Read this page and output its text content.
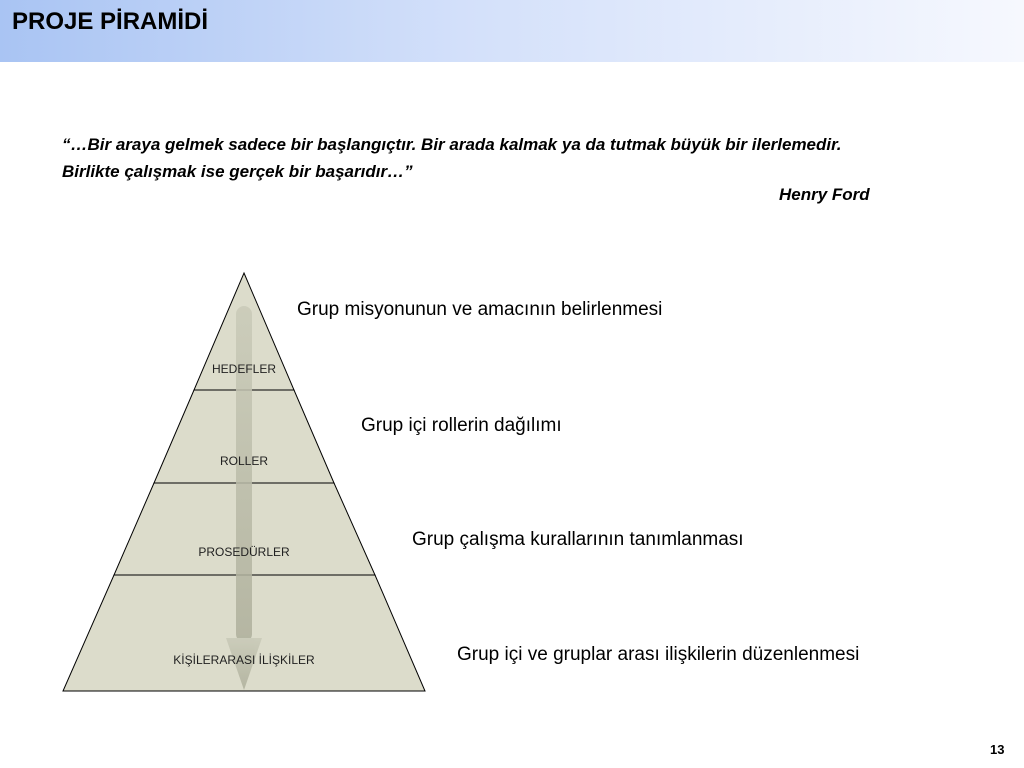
PROJE PİRAMİDİ
“…Bir araya gelmek sadece bir başlangıçtır. Bir arada kalmak ya da tutmak büyük bir ilerlemedir. Birlikte çalışmak ise gerçek bir başarıdır…”
Henry Ford
HEDEFLER
ROLLER
PROSEDÜRLER
KİŞİLERARASI İLİŞKİLER
Grup misyonunun ve amacının belirlenmesi
Grup içi rollerin dağılımı
Grup çalışma kurallarının tanımlanması
Grup içi ve gruplar arası ilişkilerin düzenlenmesi
13
